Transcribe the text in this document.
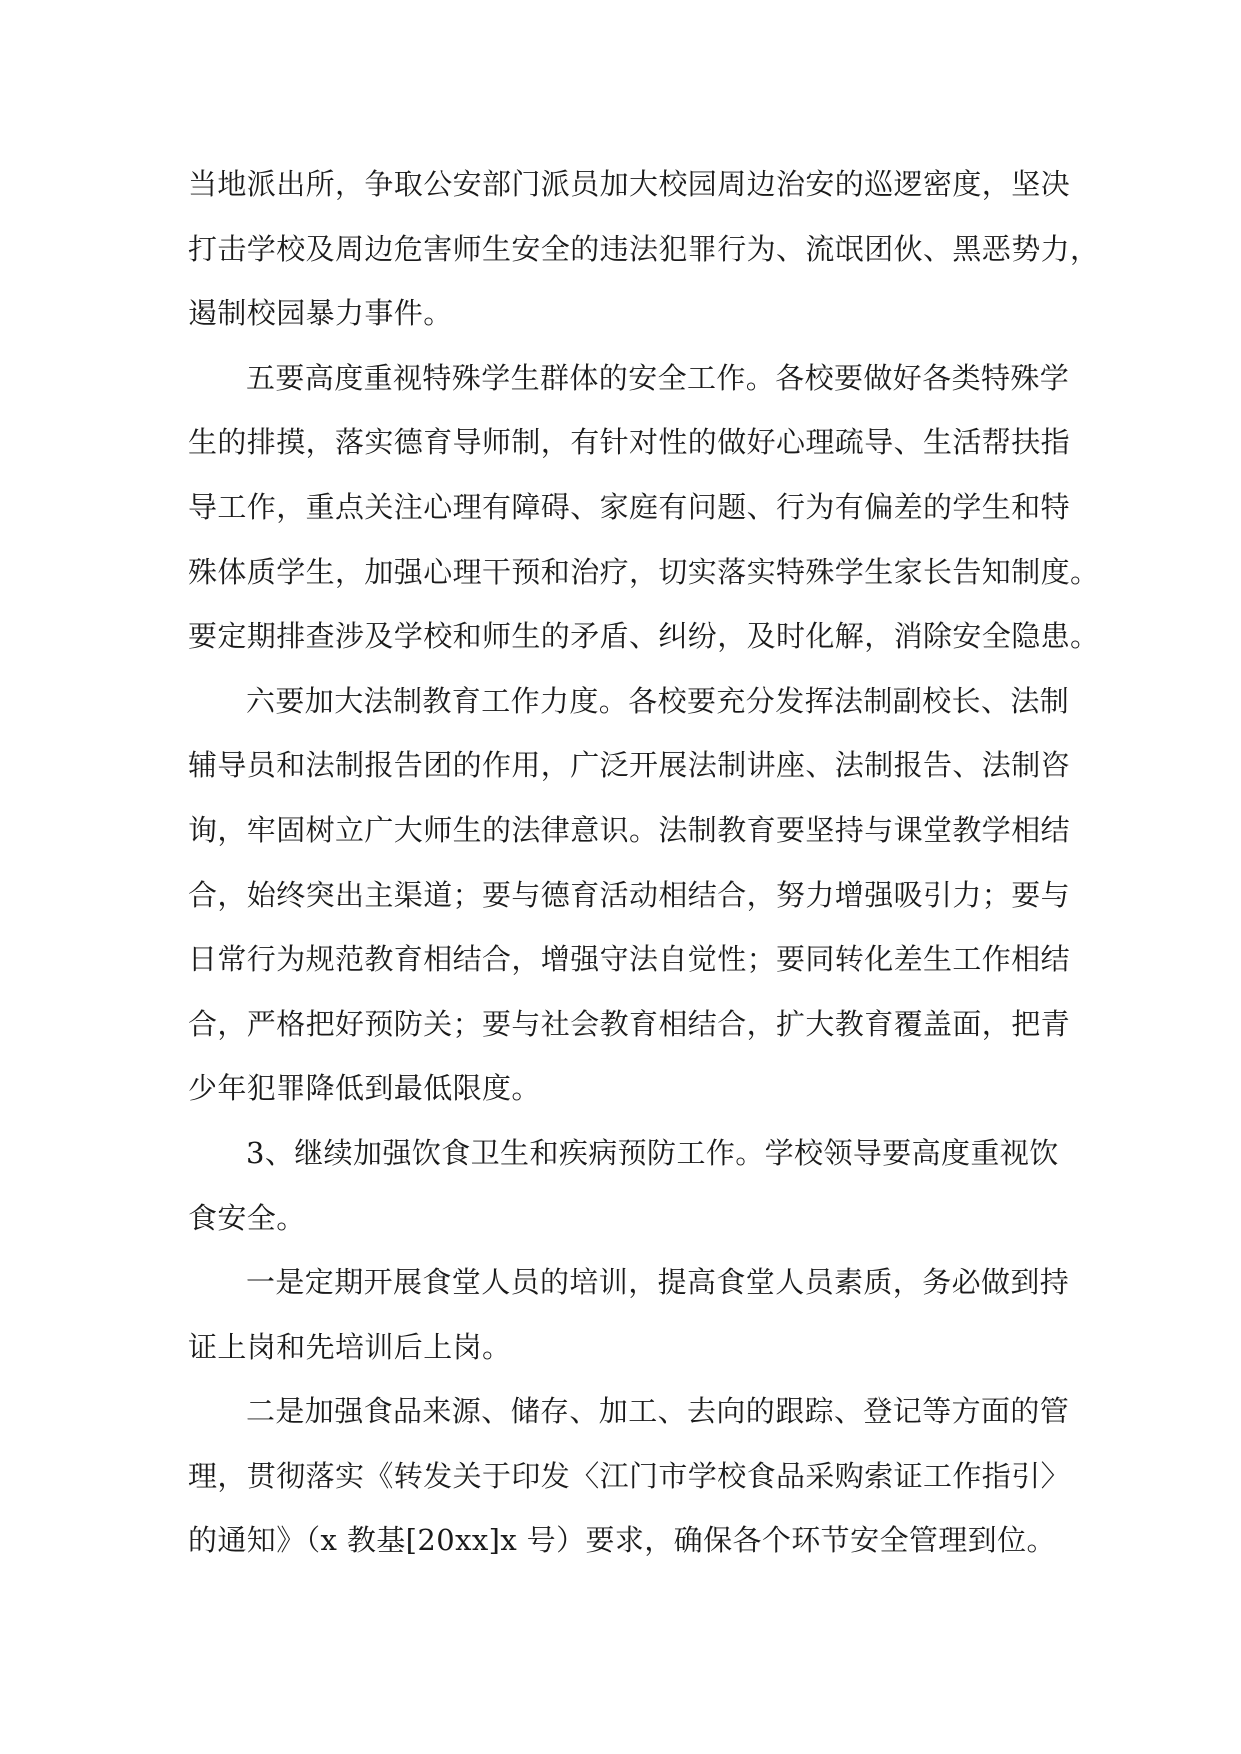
当地派出所，争取公安部门派员加大校园周边治安的巡逻密度，坚决
打击学校及周边危害师生安全的违法犯罪行为、流氓团伙、黑恶势力，
遏制校园暴力事件。
五要高度重视特殊学生群体的安全工作。各校要做好各类特殊学
生的排摸，落实德育导师制，有针对性的做好心理疏导、生活帮扶指
导工作，重点关注心理有障碍、家庭有问题、行为有偏差的学生和特
殊体质学生，加强心理干预和治疗，切实落实特殊学生家长告知制度。
要定期排查涉及学校和师生的矛盾、纠纷，及时化解，消除安全隐患。
六要加大法制教育工作力度。各校要充分发挥法制副校长、法制
辅导员和法制报告团的作用，广泛开展法制讲座、法制报告、法制咨
询，牢固树立广大师生的法律意识。法制教育要坚持与课堂教学相结
合，始终突出主渠道；要与德育活动相结合，努力增强吸引力；要与
日常行为规范教育相结合，增强守法自觉性；要同转化差生工作相结
合，严格把好预防关；要与社会教育相结合，扩大教育覆盖面，把青
少年犯罪降低到最低限度。
3、继续加强饮食卫生和疾病预防工作。学校领导要高度重视饮
食安全。
一是定期开展食堂人员的培训，提高食堂人员素质，务必做到持
证上岗和先培训后上岗。
二是加强食品来源、储存、加工、去向的跟踪、登记等方面的管
理，贯彻落实《转发关于印发〈江门市学校食品采购索证工作指引〉
的通知》（x 教基[20xx]x 号）要求，确保各个环节安全管理到位。
